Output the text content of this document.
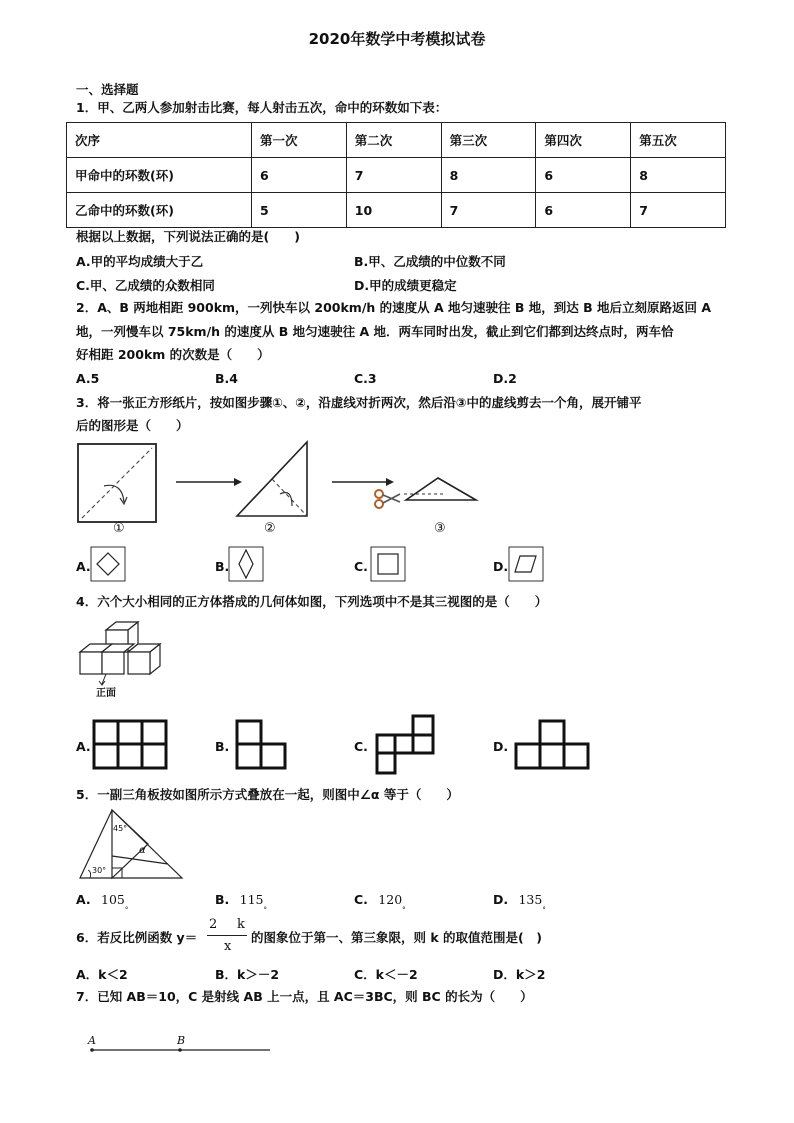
2020年数学中考模拟试卷
一、选择题
1．甲、乙两人参加射击比赛，每人射击五次，命中的环数如下表：
次序	第一次	第二次	第三次	第四次	第五次
甲命中的环数(环)	6	7	8	6	8
乙命中的环数(环)	5	10	7	6	7
根据以上数据，下列说法正确的是(　　)
A.甲的平均成绩大于乙	B.甲、乙成绩的中位数不同
C.甲、乙成绩的众数相同	D.甲的成绩更稳定
2．A、B 两地相距 900km，一列快车以 200km/h 的速度从 A 地匀速驶往 B 地，到达 B 地后立刻原路返回 A
地，一列慢车以 75km/h 的速度从 B 地匀速驶往 A 地．两车同时出发，截止到它们都到达终点时，两车恰
好相距 200km 的次数是（　　）
A.5	B.4	C.3	D.2
3．将一张正方形纸片，按如图步骤①、②，沿虚线对折两次，然后沿③中的虚线剪去一个角，展开铺平
后的图形是（　　）
①	②	③
A.	B.	C.	D.
4．六个大小相同的正方体搭成的几何体如图，下列选项中不是其三视图的是（　　）
正面
A.	B.	C.	D.
5．一副三角板按如图所示方式叠放在一起，则图中∠α 等于（　　）
45°
30°
α
A. $105^\circ$
B. $115^\circ$
C. $120^\circ$
D. $135^\circ$
6．若反比例函数 y＝
2 k
x
的图象位于第一、第三象限，则 k 的取值范围是(　)
A．k＜2	B．k＞－2	C．k＜－2	D．k＞2
7．已知 AB＝10，C 是射线 AB 上一点，且 AC＝3BC，则 BC 的长为（　　）
A	B
